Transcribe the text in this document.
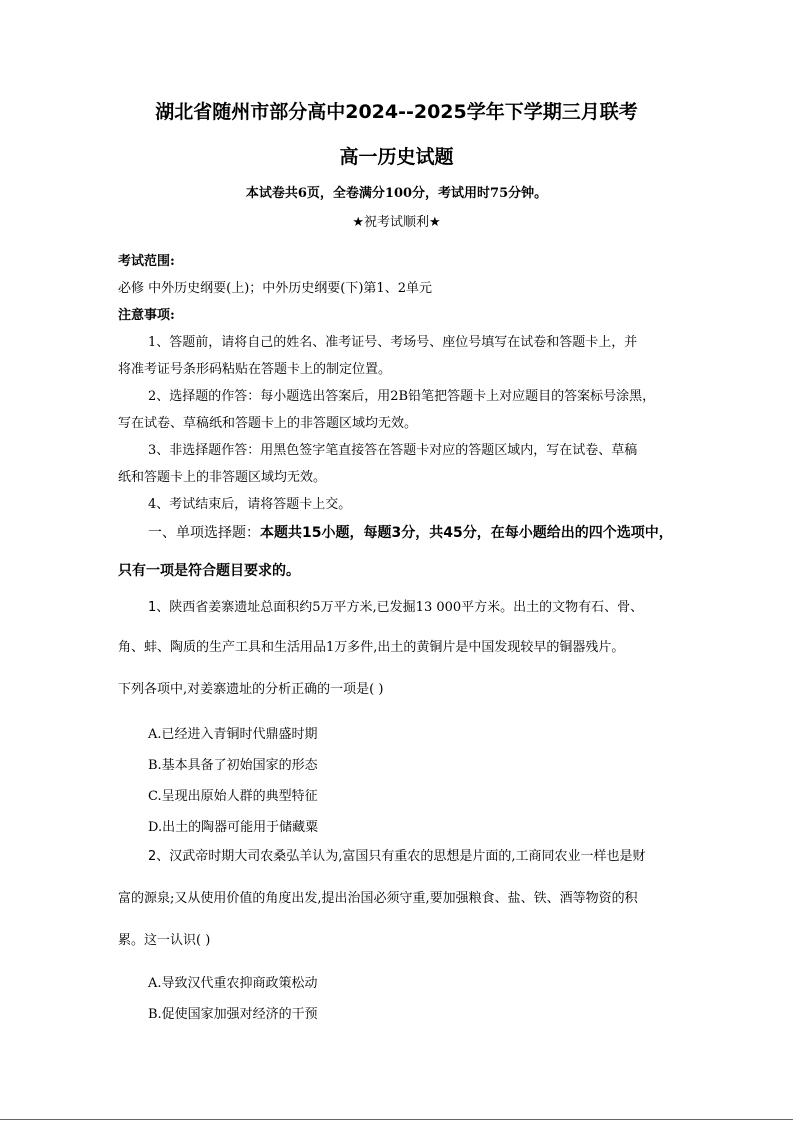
湖北省随州市部分高中2024--2025学年下学期三月联考
高一历史试题
本试卷共6页，全卷满分100分，考试用时75分钟。
★祝考试顺利★
考试范围:
必修 中外历史纲要(上)；中外历史纲要(下)第1、2单元
注意事项:
1、答题前，请将自己的姓名、准考证号、考场号、座位号填写在试卷和答题卡上，并
将准考证号条形码粘贴在答题卡上的制定位置。
2、选择题的作答：每小题选出答案后，用2B铅笔把答题卡上对应题目的答案标号涂黑，
写在试卷、草稿纸和答题卡上的非答题区域均无效。
3、非选择题作答：用黑色签字笔直接答在答题卡对应的答题区域内，写在试卷、草稿
纸和答题卡上的非答题区域均无效。
4、考试结束后，请将答题卡上交。
一、单项选择题：本题共15小题，每题3分，共45分，在每小题给出的四个选项中，
只有一项是符合题目要求的。
1、陕西省姜寨遗址总面积约5万平方米,已发掘13 000平方米。出土的文物有石、骨、
角、蚌、陶质的生产工具和生活用品1万多件,出土的黄铜片是中国发现较早的铜器残片。
下列各项中,对姜寨遗址的分析正确的一项是( )
A.已经进入青铜时代鼎盛时期
B.基本具备了初始国家的形态
C.呈现出原始人群的典型特征
D.出土的陶器可能用于储藏粟
2、汉武帝时期大司农桑弘羊认为,富国只有重农的思想是片面的,工商同农业一样也是财
富的源泉;又从使用价值的角度出发,提出治国必须守重,要加强粮食、盐、铁、酒等物资的积
累。这一认识( )
A.导致汉代重农抑商政策松动
B.促使国家加强对经济的干预
